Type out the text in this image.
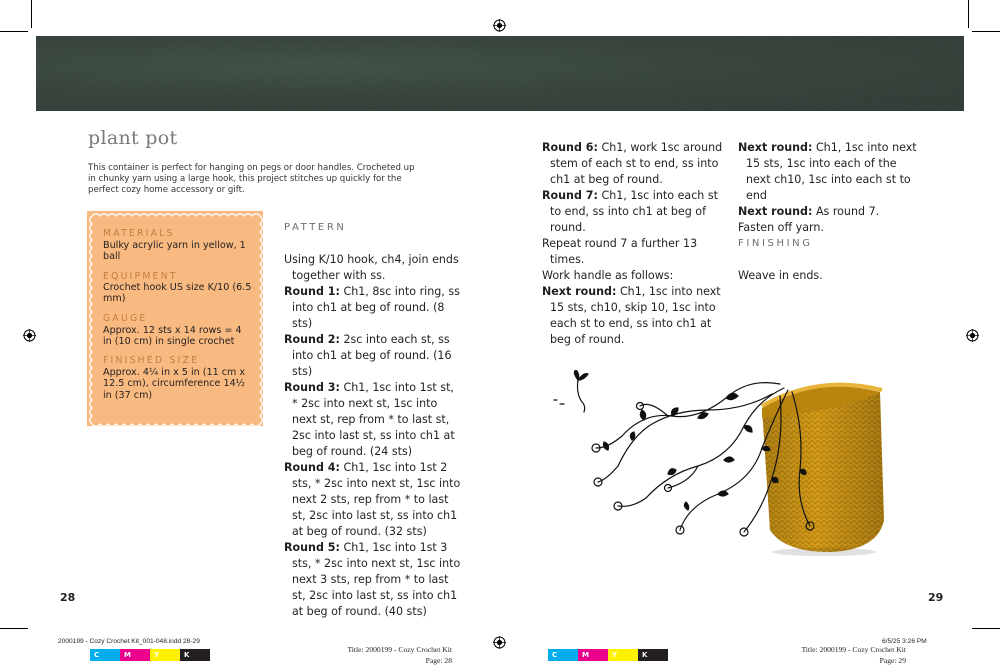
plant pot

This container is perfect for hanging on pegs or door handles. Crocheted up in chunky yarn using a large hook, this project stitches up quickly for the perfect cozy home accessory or gift.

MATERIALS
Bulky acrylic yarn in yellow, 1 ball
EQUIPMENT
Crochet hook US size K/10 (6.5 mm)
GAUGE
Approx. 12 sts x 14 rows = 4 in (10 cm) in single crochet
FINISHED SIZE
Approx. 4¼ in x 5 in (11 cm x 12.5 cm), circumference 14½ in (37 cm)
PATTERN

Using K/10 hook, ch4, join ends together with ss.

Round 1: Ch1, 8sc into ring, ss into ch1 at beg of round. (8 sts)

Round 2: 2sc into each st, ss into ch1 at beg of round. (16 sts)

Round 3: Ch1, 1sc into 1st st, * 2sc into next st, 1sc into next st, rep from * to last st, 2sc into last st, ss into ch1 at beg of round. (24 sts)

Round 4: Ch1, 1sc into 1st 2 sts, * 2sc into next st, 1sc into next 2 sts, rep from * to last st, 2sc into last st, ss into ch1 at beg of round. (32 sts)

Round 5: Ch1, 1sc into 1st 3 sts, * 2sc into next st, 1sc into next 3 sts, rep from * to last st, 2sc into last st, ss into ch1 at beg of round. (40 sts)

28

Round 6: Ch1, work 1sc around stem of each st to end, ss into ch1 at beg of round.

Round 7: Ch1, 1sc into each st to end, ss into ch1 at beg of round.

Repeat round 7 a further 13 times.

Work handle as follows:

Next round: Ch1, 1sc into next 15 sts, ch10, skip 10, 1sc into each st to end, ss into ch1 at beg of round.

Next round: Ch1, 1sc into next 15 sts, 1sc into each of the next ch10, 1sc into each st to end

Next round: As round 7.

Fasten off yarn.

FINISHING
Weave in ends.
29
2000199 - Cozy Crochet Kit_001-048.indd 28-29
Title: 2000199 - Cozy Crochet Kit
Page: 28
6/5/25 3:26 PM
Title: 2000199 - Cozy Crochet Kit
Page: 29
C	M	Y	K	C	M	Y	K
